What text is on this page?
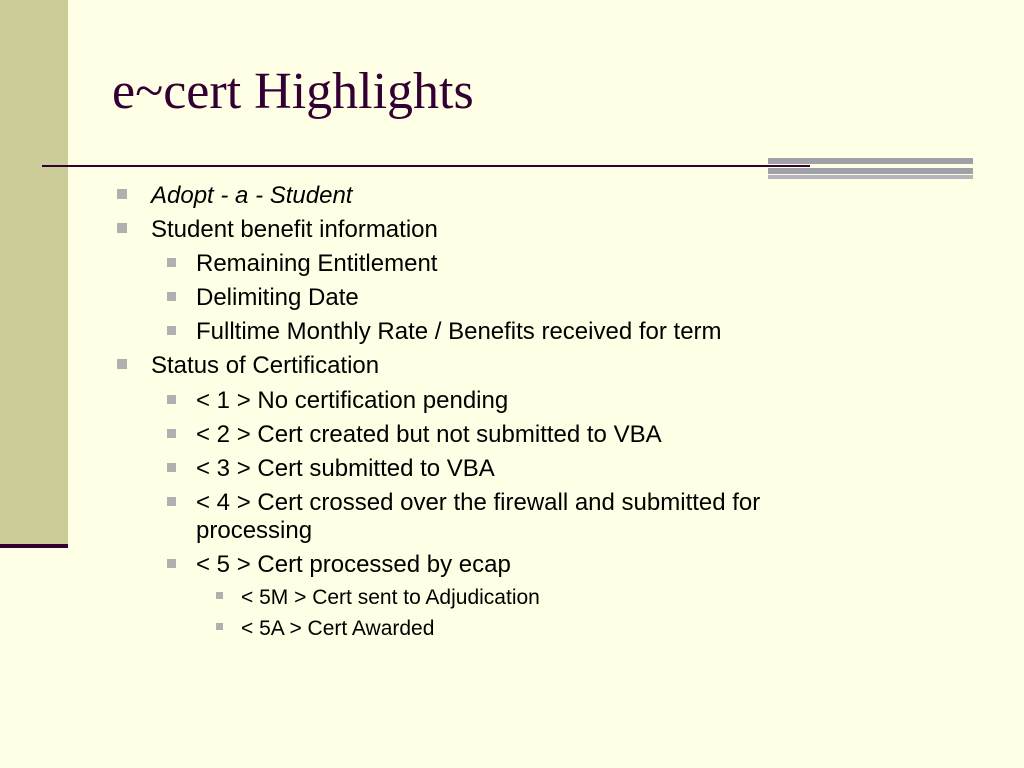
e~cert Highlights
Adopt - a - Student
Student benefit information
Remaining Entitlement
Delimiting Date
Fulltime Monthly Rate / Benefits received for term
Status of Certification
< 1 > No certification pending
< 2 > Cert created but not submitted to VBA
< 3 > Cert submitted to VBA
< 4 > Cert crossed over the firewall and submitted for
processing
< 5 > Cert processed by ecap
< 5M > Cert sent to Adjudication
< 5A > Cert Awarded
